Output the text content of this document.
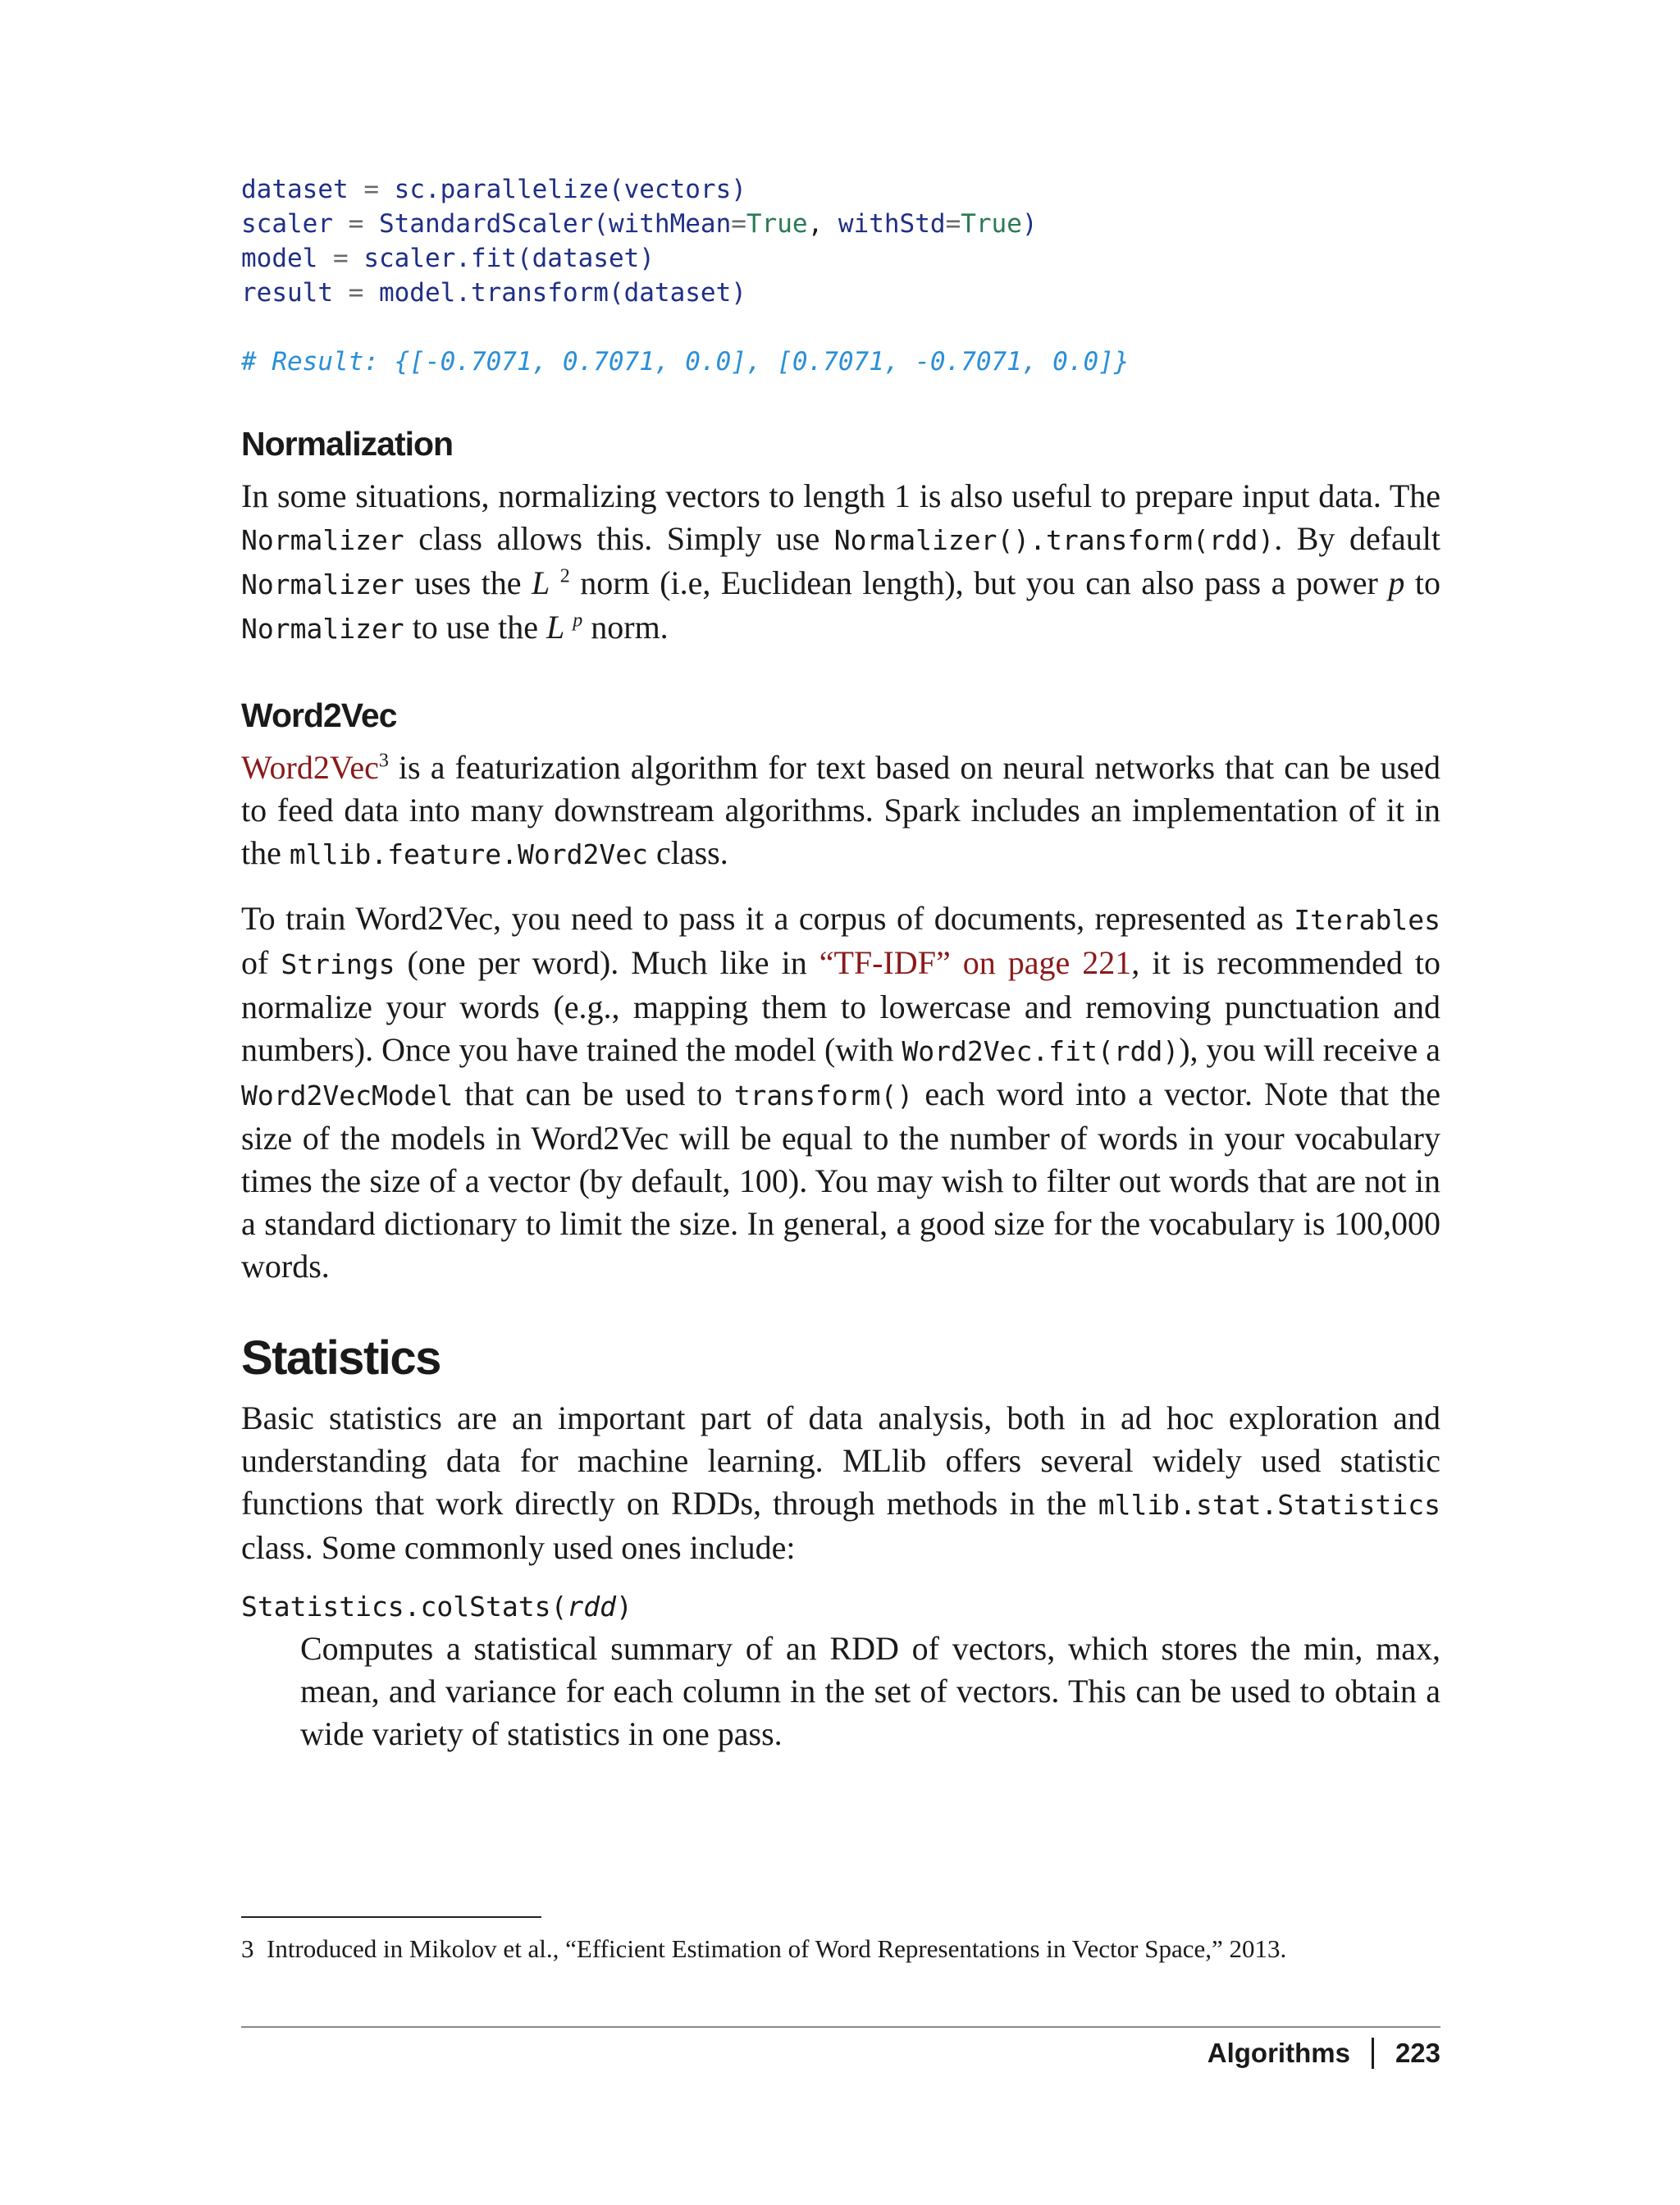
dataset = sc.parallelize(vectors)
scaler = StandardScaler(withMean=True, withStd=True)
model = scaler.fit(dataset)
result = model.transform(dataset)
# Result: {[-0.7071, 0.7071, 0.0], [0.7071, -0.7071, 0.0]}
Normalization

In some situations, normalizing vectors to length 1 is also useful to prepare input data. The Normalizer class allows this. Simply use Normalizer().transform(rdd). By default Normalizer uses the L $^2$ norm (i.e, Euclidean length), but you can also pass a power p to Normalizer to use the L $^p$ norm.

Word2Vec

Word2Vec$^3$ is a featurization algorithm for text based on neural networks that can be used to feed data into many downstream algorithms. Spark includes an implementation of it in the mllib.feature.Word2Vec class.

To train Word2Vec, you need to pass it a corpus of documents, represented as Iterables of Strings (one per word). Much like in “TF-IDF” on page 221, it is recommended to normalize your words (e.g., mapping them to lowercase and removing punctuation and numbers). Once you have trained the model (with Word2Vec.fit(rdd)), you will receive a Word2VecModel that can be used to transform() each word into a vector. Note that the size of the models in Word2Vec will be equal to the number of words in your vocabulary times the size of a vector (by default, 100). You may wish to filter out words that are not in a standard dictionary to limit the size. In general, a good size for the vocabulary is 100,000 words.

Statistics

Basic statistics are an important part of data analysis, both in ad hoc exploration and understanding data for machine learning. MLlib offers several widely used statistic functions that work directly on RDDs, through methods in the mllib.stat.Statistics class. Some commonly used ones include:

Statistics.colStats(rdd)

Computes a statistical summary of an RDD of vectors, which stores the min, max, mean, and variance for each column in the set of vectors. This can be used to obtain a wide variety of statistics in one pass.

3 Introduced in Mikolov et al., “Efficient Estimation of Word Representations in Vector Space,” 2013.
Algorithms 223
